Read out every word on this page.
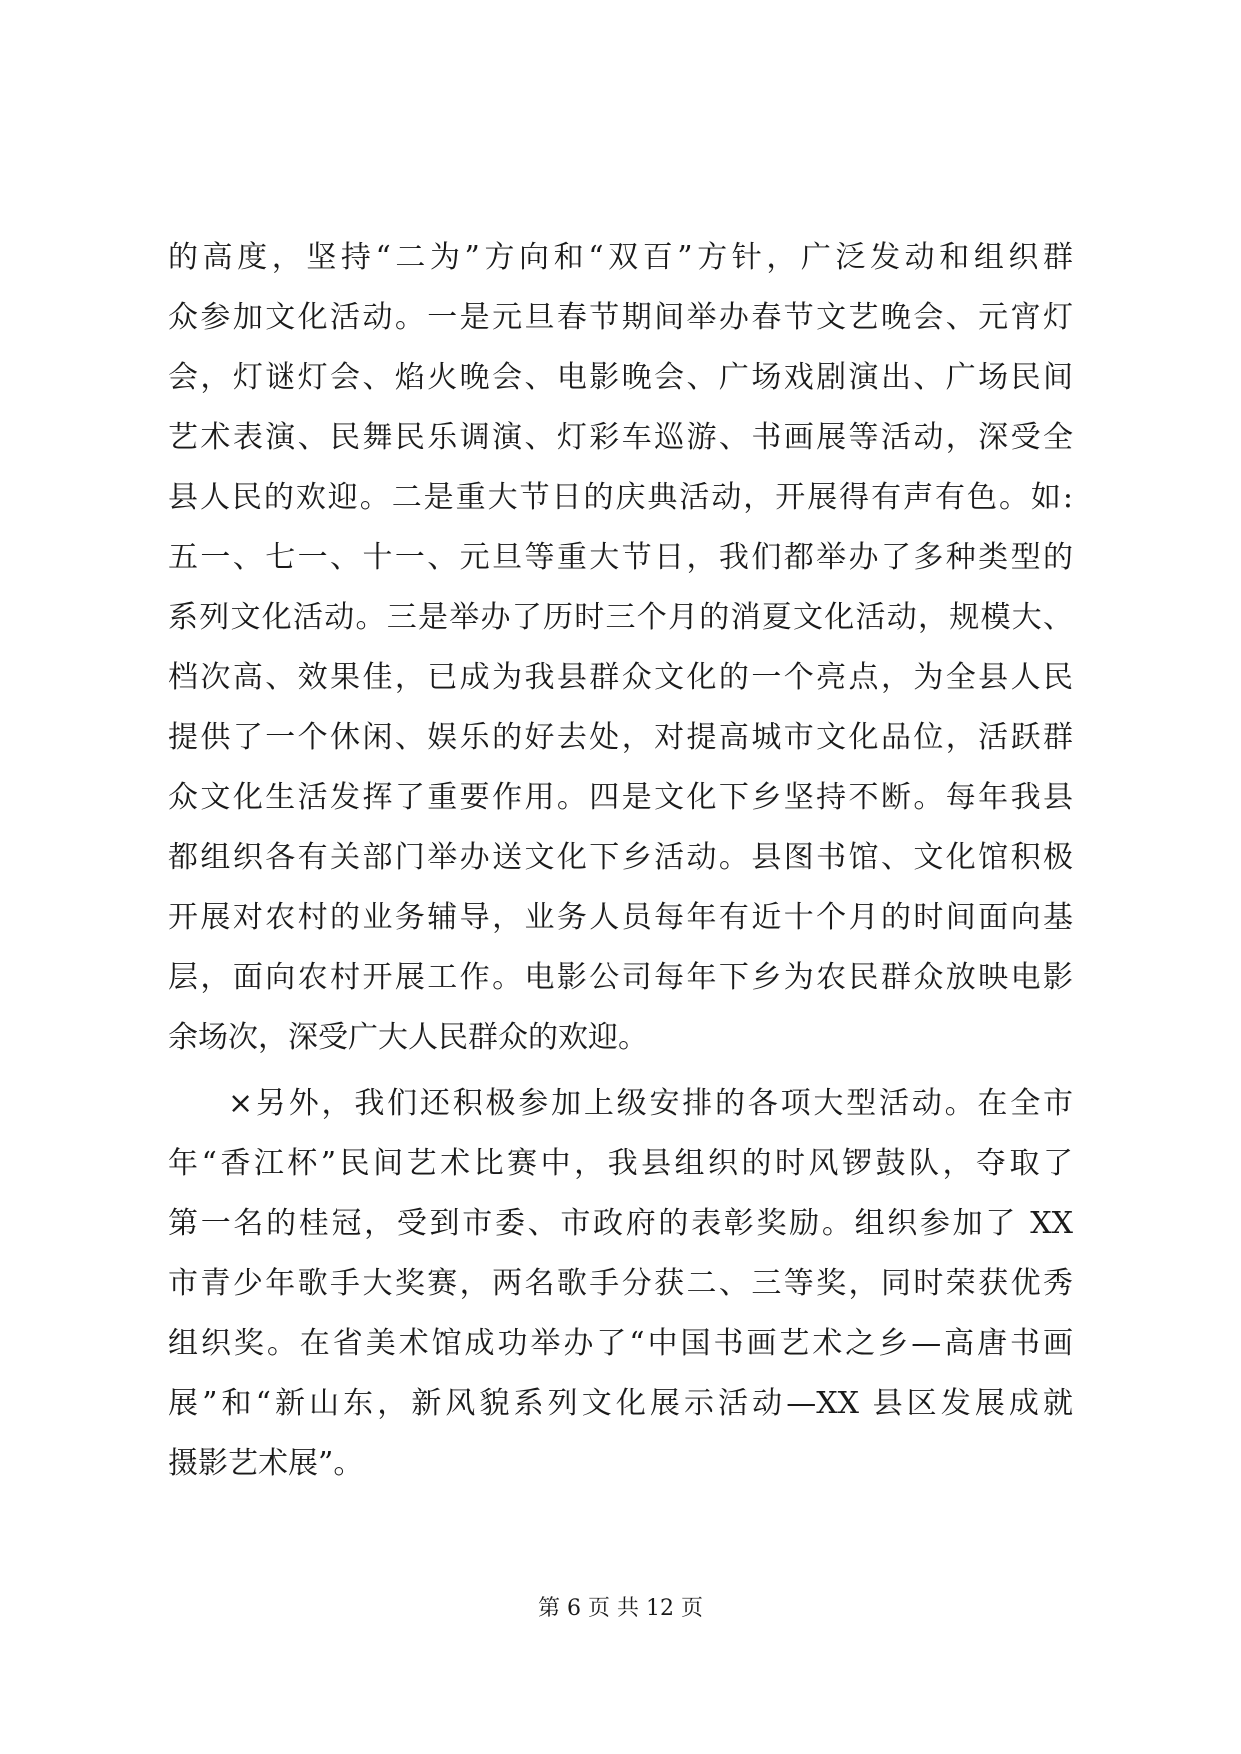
的高度，坚持“二为”方向和“双百”方针，广泛发动和组织群
众参加文化活动。一是元旦春节期间举办春节文艺晚会、元宵灯
会，灯谜灯会、焰火晚会、电影晚会、广场戏剧演出、广场民间
艺术表演、民舞民乐调演、灯彩车巡游、书画展等活动，深受全
县人民的欢迎。二是重大节日的庆典活动，开展得有声有色。如:
五一、七一、十一、元旦等重大节日，我们都举办了多种类型的
系列文化活动。三是举办了历时三个月的消夏文化活动，规模大、
档次高、效果佳，已成为我县群众文化的一个亮点，为全县人民
提供了一个休闲、娱乐的好去处，对提高城市文化品位，活跃群
众文化生活发挥了重要作用。四是文化下乡坚持不断。每年我县
都组织各有关部门举办送文化下乡活动。县图书馆、文化馆积极
开展对农村的业务辅导，业务人员每年有近十个月的时间面向基
层，面向农村开展工作。电影公司每年下乡为农民群众放映电影
余场次，深受广大人民群众的欢迎。
×另外，我们还积极参加上级安排的各项大型活动。在全市
年“香江杯”民间艺术比赛中，我县组织的时风锣鼓队，夺取了
第一名的桂冠，受到市委、市政府的表彰奖励。组织参加了 XX
市青少年歌手大奖赛，两名歌手分获二、三等奖，同时荣获优秀
组织奖。在省美术馆成功举办了“中国书画艺术之乡—高唐书画
展”和“新山东，新风貌系列文化展示活动—XX 县区发展成就
摄影艺术展”。
第 6 页 共 12 页
